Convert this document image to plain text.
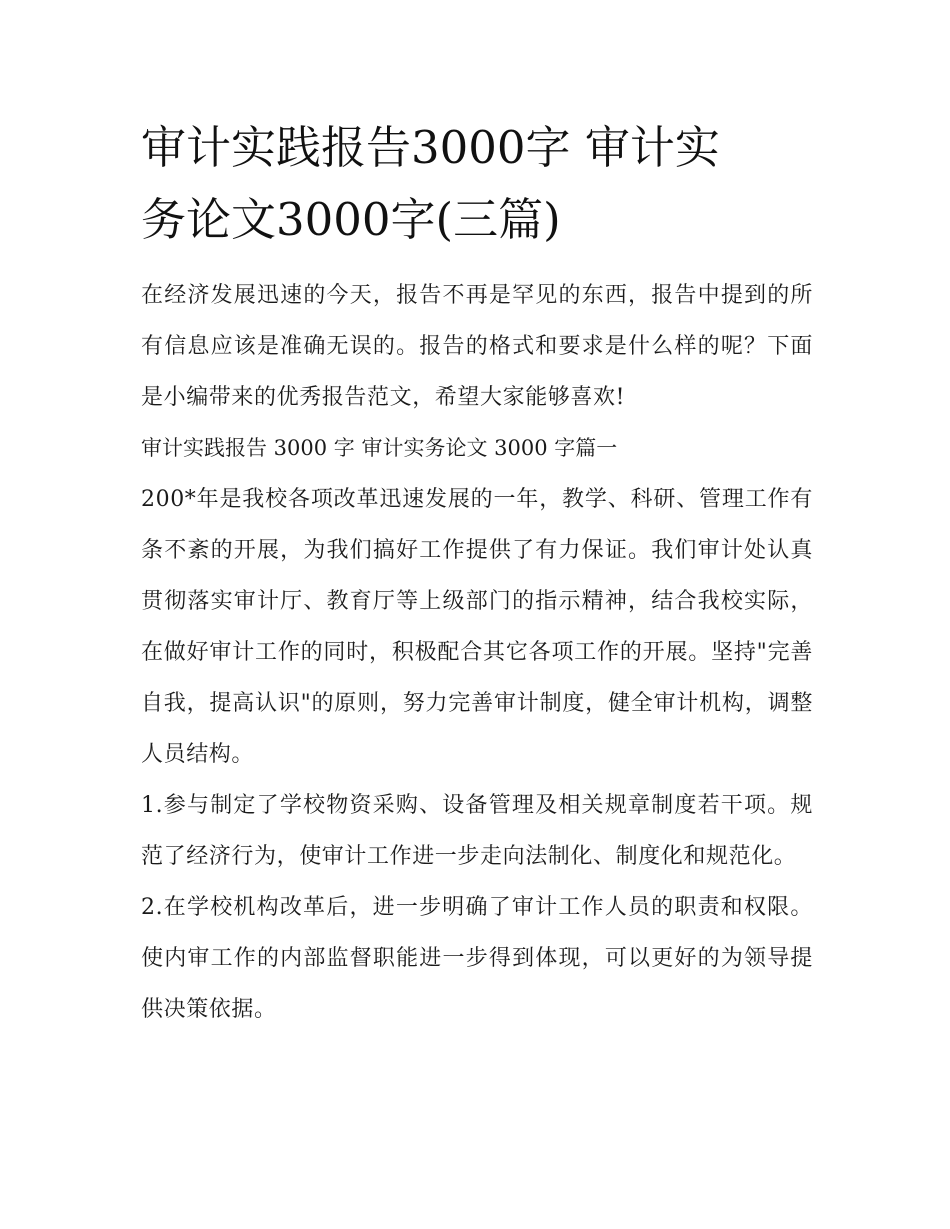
审计实践报告3000字 审计实
务论文3000字(三篇)

在经济发展迅速的今天，报告不再是罕见的东西，报告中提到的所有信息应该是准确无误的。报告的格式和要求是什么样的呢？下面是小编带来的优秀报告范文，希望大家能够喜欢!

审计实践报告 3000 字 审计实务论文 3000 字篇一

200*年是我校各项改革迅速发展的一年，教学、科研、管理工作有条不紊的开展，为我们搞好工作提供了有力保证。我们审计处认真贯彻落实审计厅、教育厅等上级部门的指示精神，结合我校实际，在做好审计工作的同时，积极配合其它各项工作的开展。坚持"完善自我，提高认识"的原则，努力完善审计制度，健全审计机构，调整人员结构。

1.参与制定了学校物资采购、设备管理及相关规章制度若干项。规范了经济行为，使审计工作进一步走向法制化、制度化和规范化。

2.在学校机构改革后，进一步明确了审计工作人员的职责和权限。使内审工作的内部监督职能进一步得到体现，可以更好的为领导提供决策依据。
